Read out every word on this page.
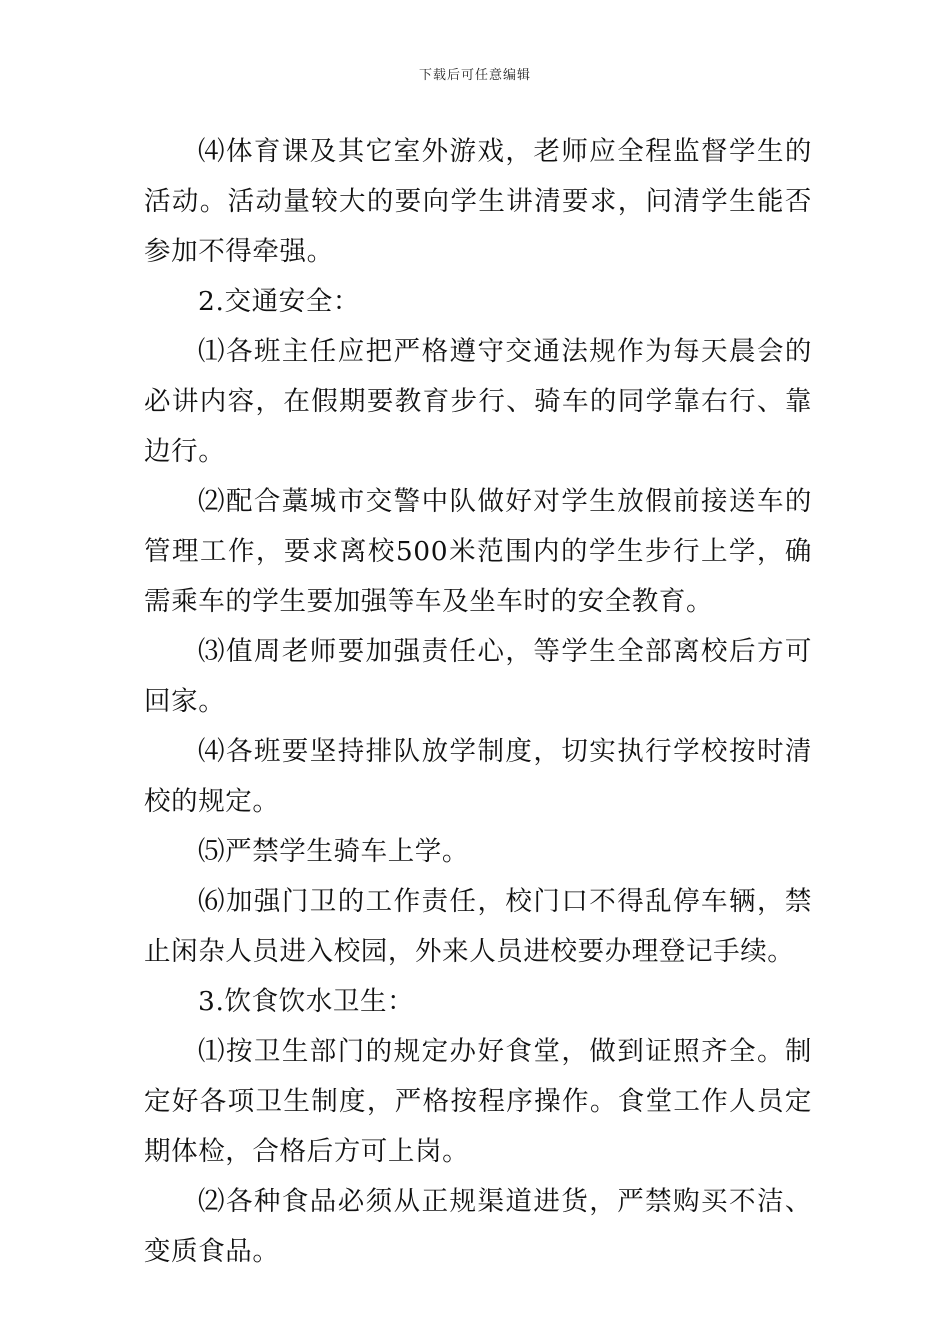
下载后可任意编辑

⑷体育课及其它室外游戏，老师应全程监督学生的活动。活动量较大的要向学生讲清要求，问清学生能否参加不得牵强。

2.交通安全：

⑴各班主任应把严格遵守交通法规作为每天晨会的必讲内容，在假期要教育步行、骑车的同学靠右行、靠边行。

⑵配合藁城市交警中队做好对学生放假前接送车的管理工作，要求离校500米范围内的学生步行上学，确需乘车的学生要加强等车及坐车时的安全教育。

⑶值周老师要加强责任心，等学生全部离校后方可回家。

⑷各班要坚持排队放学制度，切实执行学校按时清校的规定。

⑸严禁学生骑车上学。

⑹加强门卫的工作责任，校门口不得乱停车辆，禁止闲杂人员进入校园，外来人员进校要办理登记手续。

3.饮食饮水卫生：

⑴按卫生部门的规定办好食堂，做到证照齐全。制定好各项卫生制度，严格按程序操作。食堂工作人员定期体检，合格后方可上岗。

⑵各种食品必须从正规渠道进货，严禁购买不洁、变质食品。
